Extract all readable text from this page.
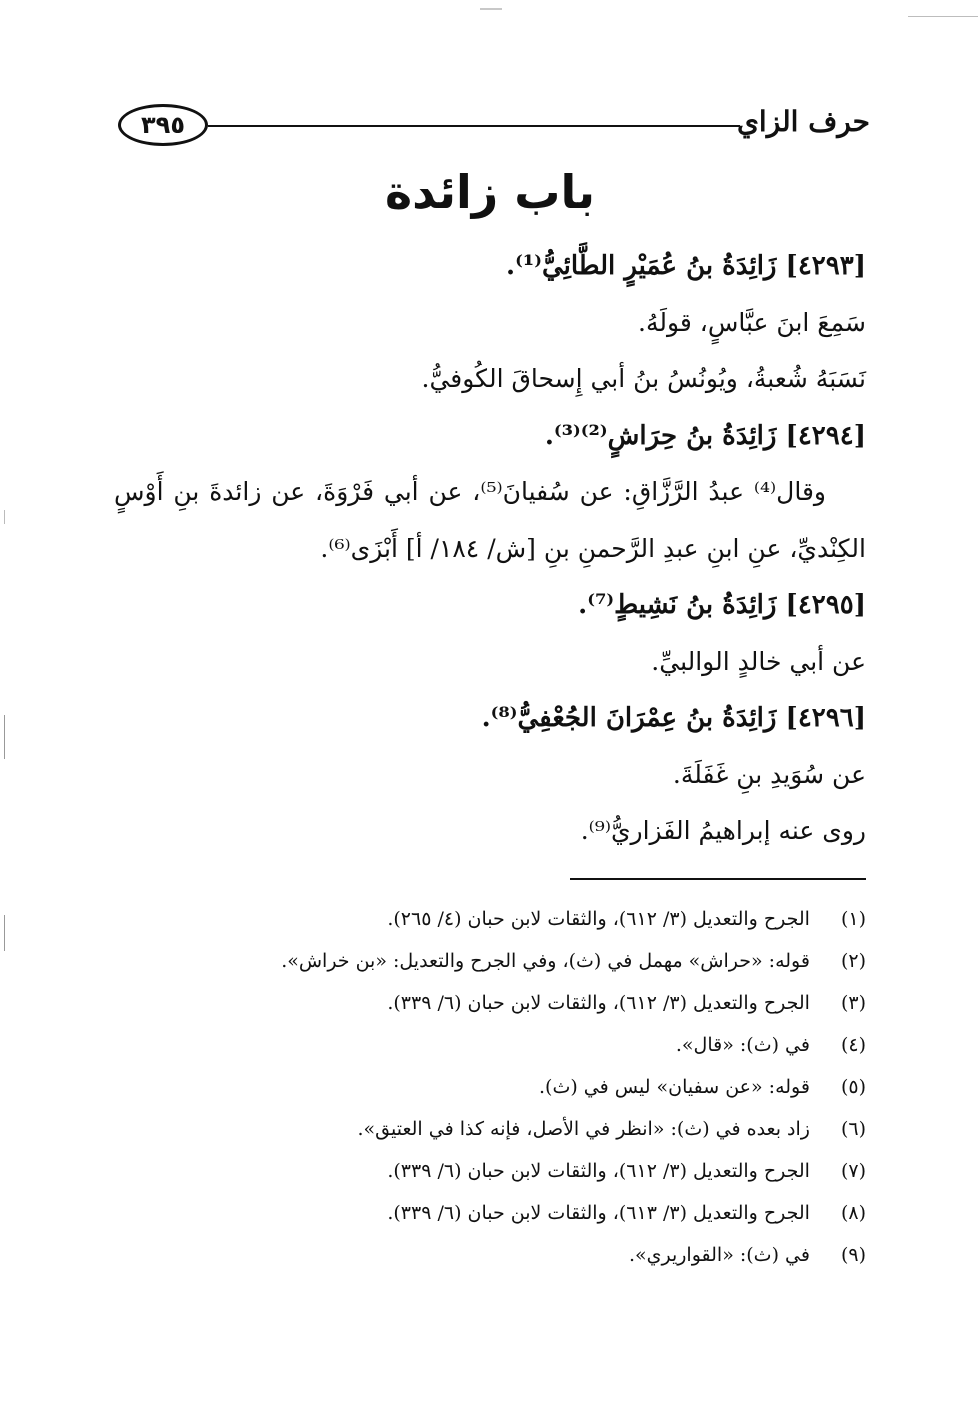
٣٩٥	حرف الزاي
باب زائدة
[٤٢٩٣] زَائِدَةُ بنُ عُمَيْرٍ الطَّائِيُّ⁽¹⁾.
سَمِعَ ابنَ عبَّاسٍ، قولَهُ.
نَسَبَهُ شُعبةُ، ويُونُسُ بنُ أبي إِسحاقَ الكُوفيُّ.
[٤٢٩٤] زَائِدَةُ بنُ حِرَاشٍ⁽²⁾⁽³⁾.
وقال⁽⁴⁾ عبدُ الرَّزَّاقِ: عن سُفيانَ⁽⁵⁾، عن أبي فَرْوَةَ، عن زائدةَ بنِ أَوْسٍ
الكِنْديِّ، عنِ ابنِ عبدِ الرَّحمنِ بنِ [ش/ ١٨٤/ أ] أَبْزَى⁽⁶⁾.
[٤٢٩٥] زَائِدَةُ بنُ نَشِيطٍ⁽⁷⁾.
عن أبي خالدٍ الوالبيِّ.
[٤٢٩٦] زَائِدَةُ بنُ عِمْرَانَ الجُعْفِيُّ⁽⁸⁾.
عن سُوَيدِ بنِ غَفَلَةَ.
روى عنه إبراهيمُ الفَزاريُّ⁽⁹⁾.
(١) الجرح والتعديل (٣/ ٦١٢)، والثقات لابن حبان (٤/ ٢٦٥).
(٢) قوله: «حراش» مهمل في (ث)، وفي الجرح والتعديل: «بن خراش».
(٣) الجرح والتعديل (٣/ ٦١٢)، والثقات لابن حبان (٦/ ٣٣٩).
(٤) في (ث): «قال».
(٥) قوله: «عن سفيان» ليس في (ث).
(٦) زاد بعده في (ث): «انظر في الأصل، فإنه كذا في العتيق».
(٧) الجرح والتعديل (٣/ ٦١٢)، والثقات لابن حبان (٦/ ٣٣٩).
(٨) الجرح والتعديل (٣/ ٦١٣)، والثقات لابن حبان (٦/ ٣٣٩).
(٩) في (ث): «القواريري».
